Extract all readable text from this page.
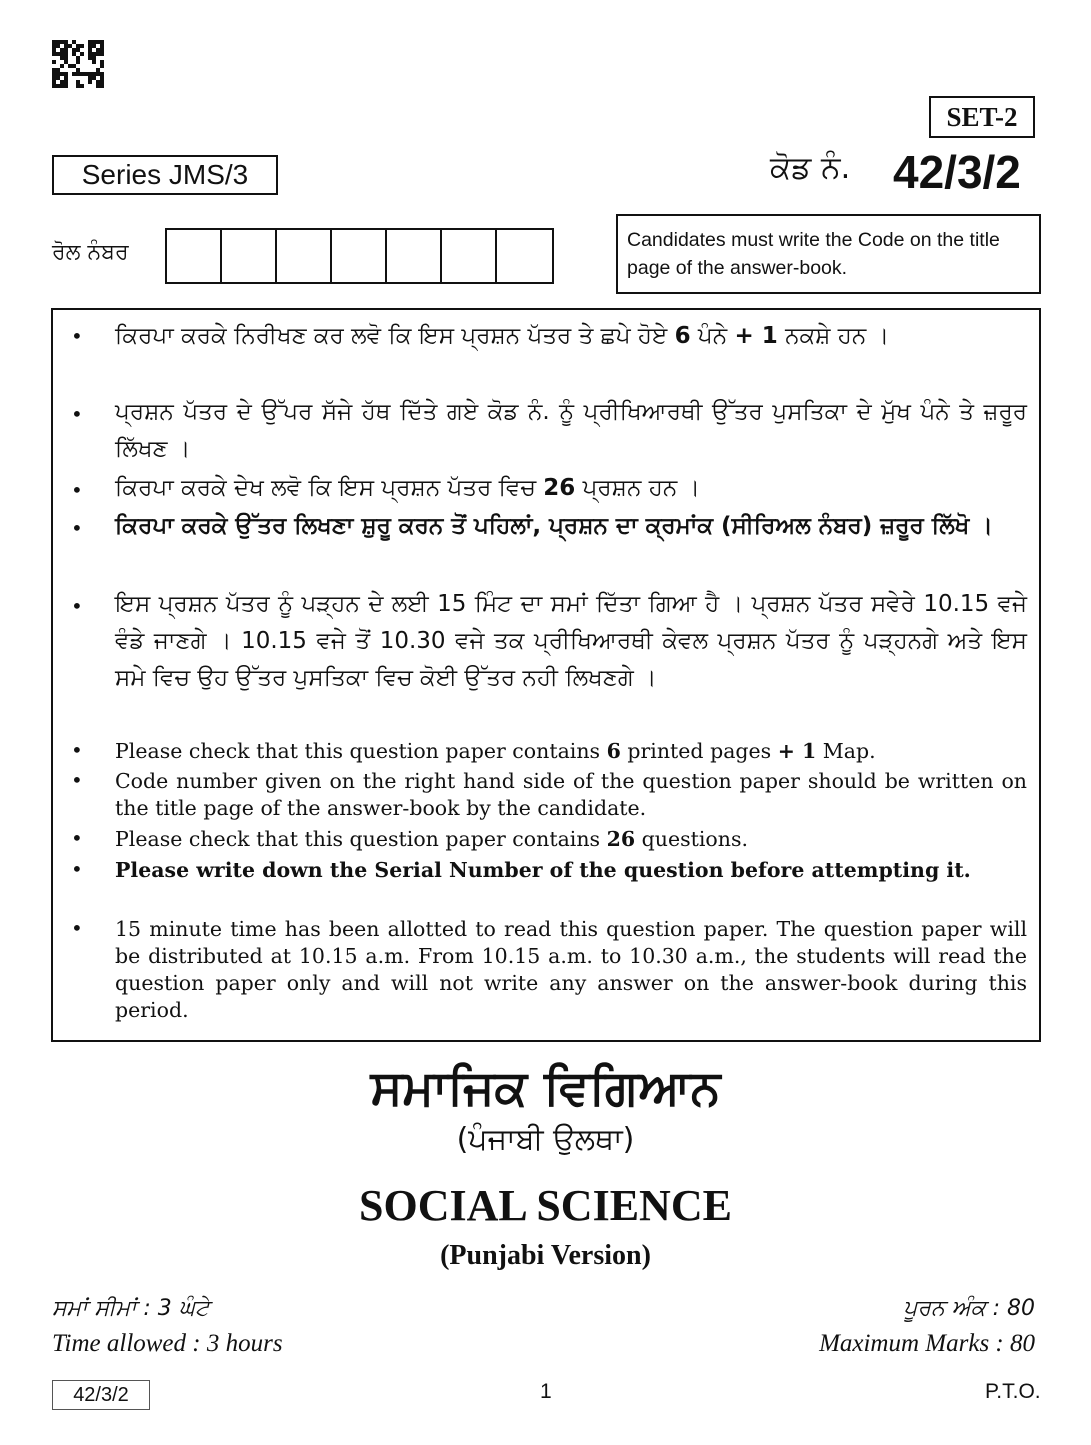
SET-2
Series JMS/3	ਕੋਡ ਨੰ. 42/3/2
ਰੋਲ ਨੰਬਰ	Candidates must write the Code on the title page of the answer-book.
• ਕਿਰਪਾ ਕਰਕੇ ਨਿਰੀਖਣ ਕਰ ਲਵੋ ਕਿ ਇਸ ਪ੍ਰਸ਼ਨ ਪੱਤਰ ਤੇ ਛਪੇ ਹੋਏ 6 ਪੰਨੇ + 1 ਨਕਸ਼ੇ ਹਨ ।
• ਪ੍ਰਸ਼ਨ ਪੱਤਰ ਦੇ ਉੱਪਰ ਸੱਜੇ ਹੱਥ ਦਿੱਤੇ ਗਏ ਕੋਡ ਨੰ. ਨੂੰ ਪ੍ਰੀਖਿਆਰਥੀ ਉੱਤਰ ਪੁਸਤਿਕਾ ਦੇ ਮੁੱਖ ਪੰਨੇ ਤੇ ਜ਼ਰੂਰ ਲਿੱਖਣ ।
• ਕਿਰਪਾ ਕਰਕੇ ਦੇਖ ਲਵੋ ਕਿ ਇਸ ਪ੍ਰਸ਼ਨ ਪੱਤਰ ਵਿਚ 26 ਪ੍ਰਸ਼ਨ ਹਨ ।
• ਕਿਰਪਾ ਕਰਕੇ ਉੱਤਰ ਲਿਖਣਾ ਸ਼ੁਰੂ ਕਰਨ ਤੋਂ ਪਹਿਲਾਂ, ਪ੍ਰਸ਼ਨ ਦਾ ਕ੍ਰਮਾਂਕ (ਸੀਰਿਅਲ ਨੰਬਰ) ਜ਼ਰੂਰ ਲਿੱਖੋ ।
• ਇਸ ਪ੍ਰਸ਼ਨ ਪੱਤਰ ਨੂੰ ਪੜ੍ਹਨ ਦੇ ਲਈ 15 ਮਿੰਟ ਦਾ ਸਮਾਂ ਦਿੱਤਾ ਗਿਆ ਹੈ । ਪ੍ਰਸ਼ਨ ਪੱਤਰ ਸਵੇਰੇ 10.15 ਵਜੇ ਵੰਡੇ ਜਾਣਗੇ । 10.15 ਵਜੇ ਤੋਂ 10.30 ਵਜੇ ਤਕ ਪ੍ਰੀਖਿਆਰਥੀ ਕੇਵਲ ਪ੍ਰਸ਼ਨ ਪੱਤਰ ਨੂੰ ਪੜ੍ਹਨਗੇ ਅਤੇ ਇਸ ਸਮੇ ਵਿਚ ਉਹ ਉੱਤਰ ਪੁਸਤਿਕਾ ਵਿਚ ਕੋਈ ਉੱਤਰ ਨਹੀ ਲਿਖਣਗੇ ।
• Please check that this question paper contains 6 printed pages + 1 Map.
• Code number given on the right hand side of the question paper should be written on the title page of the answer-book by the candidate.
• Please check that this question paper contains 26 questions.
• Please write down the Serial Number of the question before attempting it.
• 15 minute time has been allotted to read this question paper. The question paper will be distributed at 10.15 a.m. From 10.15 a.m. to 10.30 a.m., the students will read the question paper only and will not write any answer on the answer-book during this period.
ਸਮਾਜਿਕ ਵਿਗਿਆਨ
(ਪੰਜਾਬੀ ਉਲਥਾ)
SOCIAL SCIENCE
(Punjabi Version)
ਸਮਾਂ ਸੀਮਾਂ : 3 ਘੰਟੇ
Time allowed : 3 hours
ਪੂਰਨ ਅੰਕ : 80
Maximum Marks : 80
42/3/2	1	P.T.O.
